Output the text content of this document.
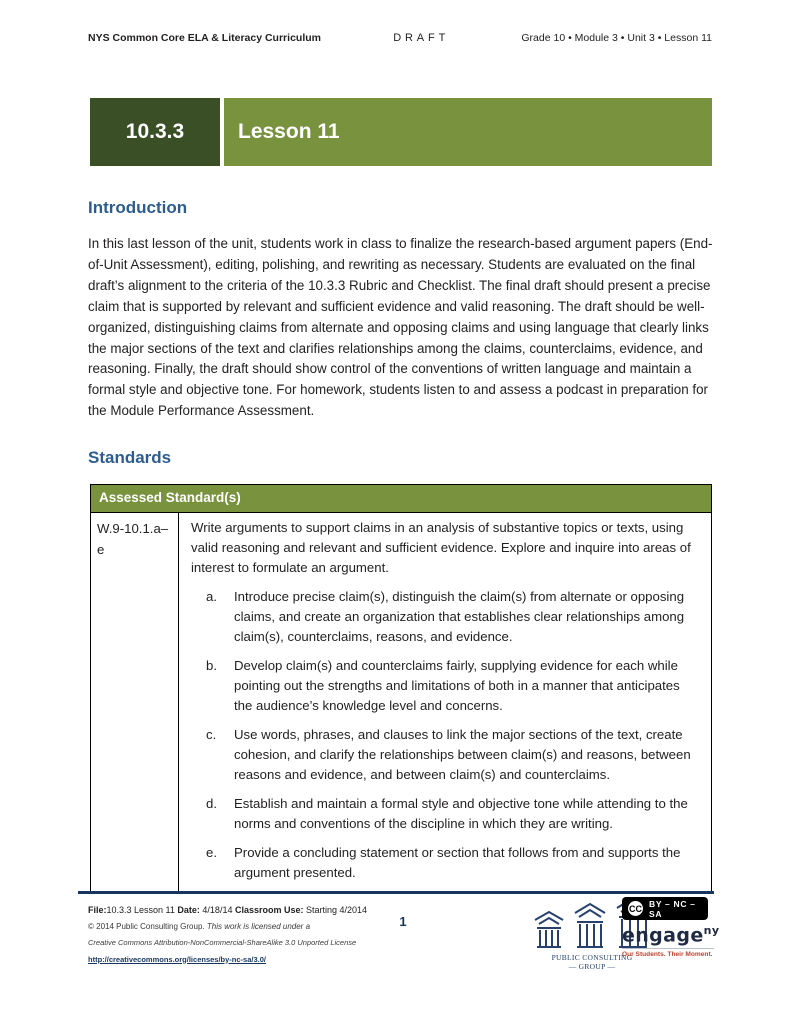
NYS Common Core ELA & Literacy Curriculum	DRAFT	Grade 10 • Module 3 • Unit 3 • Lesson 11
10.3.3	Lesson 11
Introduction

In this last lesson of the unit, students work in class to finalize the research-based argument papers (End-of-Unit Assessment), editing, polishing, and rewriting as necessary. Students are evaluated on the final draft’s alignment to the criteria of the 10.3.3 Rubric and Checklist. The final draft should present a precise claim that is supported by relevant and sufficient evidence and valid reasoning. The draft should be well-organized, distinguishing claims from alternate and opposing claims and using language that clearly links the major sections of the text and clarifies relationships among the claims, counterclaims, evidence, and reasoning. Finally, the draft should show control of the conventions of written language and maintain a formal style and objective tone. For homework, students listen to and assess a podcast in preparation for the Module Performance Assessment.

Standards
Assessed Standard(s)
W.9-10.1.a–e

Write arguments to support claims in an analysis of substantive topics or texts, using valid reasoning and relevant and sufficient evidence. Explore and inquire into areas of interest to formulate an argument.

a.	Introduce precise claim(s), distinguish the claim(s) from alternate or opposing claims, and create an organization that establishes clear relationships among claim(s), counterclaims, reasons, and evidence.
b.	Develop claim(s) and counterclaims fairly, supplying evidence for each while pointing out the strengths and limitations of both in a manner that anticipates the audience’s knowledge level and concerns.
c.	Use words, phrases, and clauses to link the major sections of the text, create cohesion, and clarify the relationships between claim(s) and reasons, between reasons and evidence, and between claim(s) and counterclaims.
d.	Establish and maintain a formal style and objective tone while attending to the norms and conventions of the discipline in which they are writing.
e.	Provide a concluding statement or section that follows from and supports the argument presented.
File:10.3.3 Lesson 11 Date: 4/18/14 Classroom Use: Starting 4/2014
© 2014 Public Consulting Group. This work is licensed under a
Creative Commons Attribution-NonCommercial-ShareAlike 3.0 Unported License
http://creativecommons.org/licenses/by-nc-sa/3.0/
1
PUBLIC CONSULTING
— GROUP —
CC BY – NC – SA
engage$^{ny}$
Our Students. Their Moment.
